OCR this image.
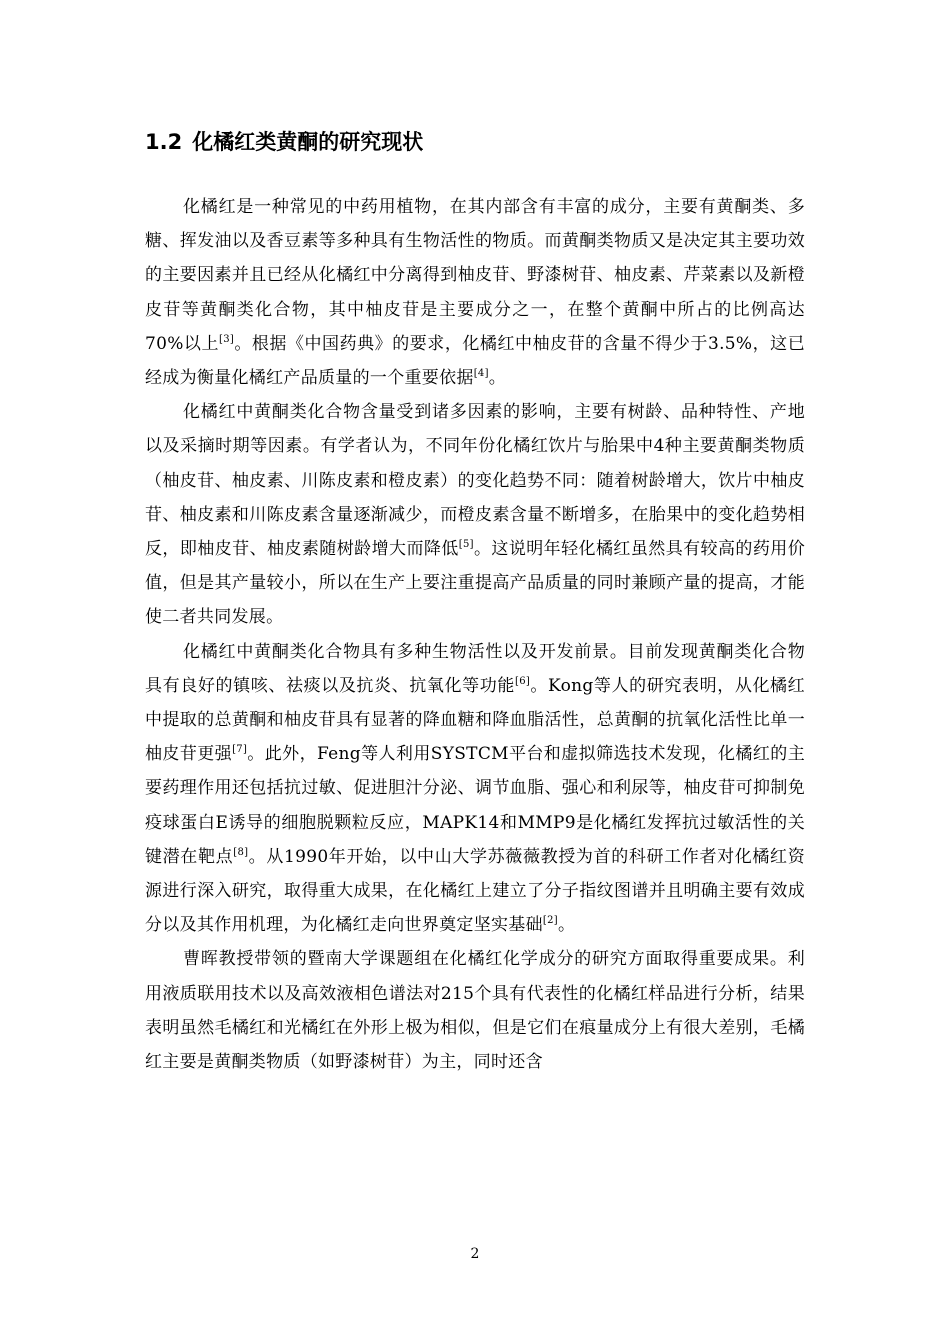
1.2 化橘红类黄酮的研究现状

化橘红是一种常见的中药用植物，在其内部含有丰富的成分，主要有黄酮类、多糖、挥发油以及香豆素等多种具有生物活性的物质。而黄酮类物质又是决定其主要功效的主要因素并且已经从化橘红中分离得到柚皮苷、野漆树苷、柚皮素、芹菜素以及新橙皮苷等黄酮类化合物，其中柚皮苷是主要成分之一，在整个黄酮中所占的比例高达70%以上[3]。根据《中国药典》的要求，化橘红中柚皮苷的含量不得少于3.5%，这已经成为衡量化橘红产品质量的一个重要依据[4]。

化橘红中黄酮类化合物含量受到诸多因素的影响，主要有树龄、品种特性、产地以及采摘时期等因素。有学者认为，不同年份化橘红饮片与胎果中4种主要黄酮类物质（柚皮苷、柚皮素、川陈皮素和橙皮素）的变化趋势不同：随着树龄增大，饮片中柚皮苷、柚皮素和川陈皮素含量逐渐减少，而橙皮素含量不断增多，在胎果中的变化趋势相反，即柚皮苷、柚皮素随树龄增大而降低[5]。这说明年轻化橘红虽然具有较高的药用价值，但是其产量较小，所以在生产上要注重提高产品质量的同时兼顾产量的提高，才能使二者共同发展。

化橘红中黄酮类化合物具有多种生物活性以及开发前景。目前发现黄酮类化合物具有良好的镇咳、祛痰以及抗炎、抗氧化等功能[6]。Kong等人的研究表明，从化橘红中提取的总黄酮和柚皮苷具有显著的降血糖和降血脂活性，总黄酮的抗氧化活性比单一柚皮苷更强[7]。此外，Feng等人利用SYSTCM平台和虚拟筛选技术发现，化橘红的主要药理作用还包括抗过敏、促进胆汁分泌、调节血脂、强心和利尿等，柚皮苷可抑制免疫球蛋白E诱导的细胞脱颗粒反应，MAPK14和MMP9是化橘红发挥抗过敏活性的关键潜在靶点[8]。从1990年开始，以中山大学苏薇薇教授为首的科研工作者对化橘红资源进行深入研究，取得重大成果，在化橘红上建立了分子指纹图谱并且明确主要有效成分以及其作用机理，为化橘红走向世界奠定坚实基础[2]。

曹晖教授带领的暨南大学课题组在化橘红化学成分的研究方面取得重要成果。利用液质联用技术以及高效液相色谱法对215个具有代表性的化橘红样品进行分析，结果表明虽然毛橘红和光橘红在外形上极为相似，但是它们在痕量成分上有很大差别，毛橘红主要是黄酮类物质（如野漆树苷）为主，同时还含

2
